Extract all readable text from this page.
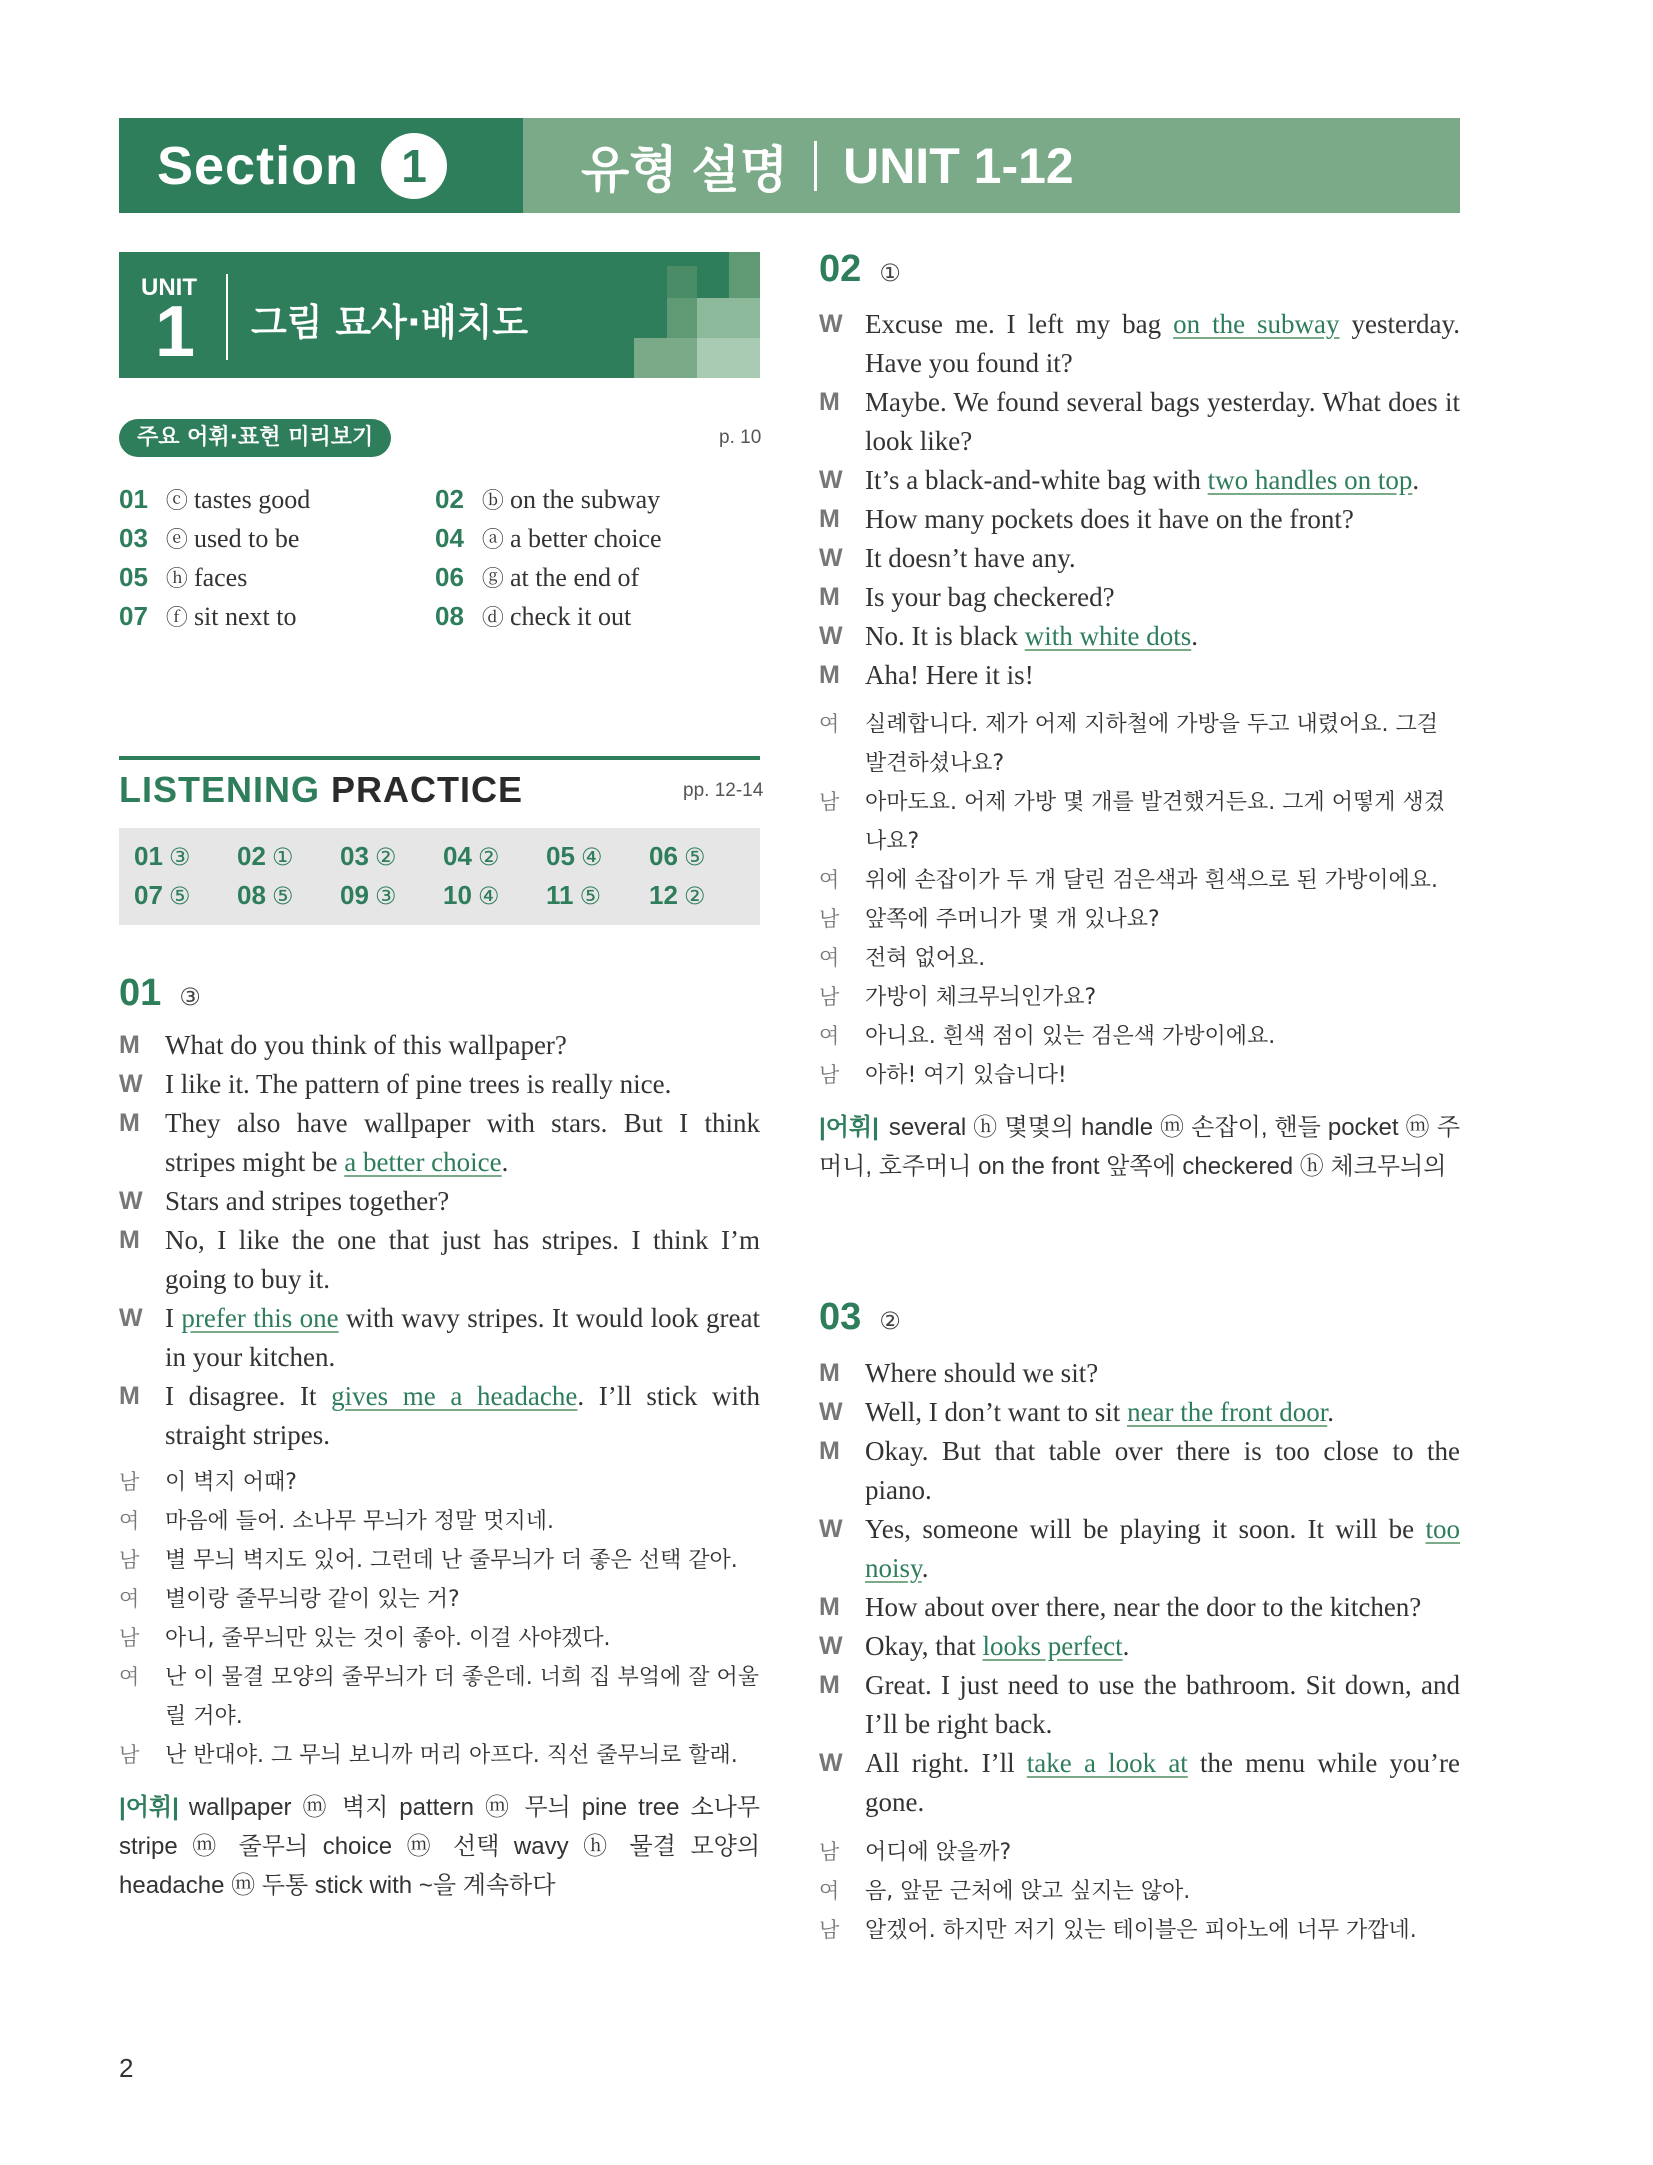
Section 1	유형 설명 UNIT 1-12
UNIT
1 그림 묘사·배치도
주요 어휘·표현 미리보기	p. 10
01 ⓒ tastes good	02 ⓑ on the subway
03 ⓔ used to be	04 ⓐ a better choice
05 ⓗ faces	06 ⓖ at the end of
07 ⓕ sit next to	08 ⓓ check it out
LISTENING PRACTICE	pp. 12-14
01 ③ 02 ① 03 ② 04 ② 05 ④ 06 ⑤
07 ⑤ 08 ⑤ 09 ③ 10 ④ 11 ⑤ 12 ②
01 ③
M What do you think of this wallpaper?
W I like it. The pattern of pine trees is really nice.
M They also have wallpaper with stars. But I think stripes might be a better choice.
W Stars and stripes together?
M No, I like the one that just has stripes. I think I’m going to buy it.
W I prefer this one with wavy stripes. It would look great in your kitchen.
M I disagree. It gives me a headache. I’ll stick with straight stripes.
남	이 벽지 어때?
여	마음에 들어. 소나무 무늬가 정말 멋지네.
남	별 무늬 벽지도 있어. 그런데 난 줄무늬가 더 좋은 선택 같아.
여	별이랑 줄무늬랑 같이 있는 거?
남	아니, 줄무늬만 있는 것이 좋아. 이걸 사야겠다.
여	난 이 물결 모양의 줄무늬가 더 좋은데. 너희 집 부엌에 잘 어울릴 거야.
남	난 반대야. 그 무늬 보니까 머리 아프다. 직선 줄무늬로 할래.
|어휘| wallpaper ⓜ 벽지 pattern ⓜ 무늬 pine tree 소나무 stripe ⓜ 줄무늬 choice ⓜ 선택 wavy ⓗ 물결 모양의 headache ⓜ 두통 stick with ~을 계속하다
02 ①
W Excuse me. I left my bag on the subway yesterday. Have you found it?
M Maybe. We found several bags yesterday. What does it look like?
W It’s a black-and-white bag with two handles on top.
M How many pockets does it have on the front?
W It doesn’t have any.
M Is your bag checkered?
W No. It is black with white dots.
M Aha! Here it is!
여	실례합니다. 제가 어제 지하철에 가방을 두고 내렸어요. 그걸 발견하셨나요?
남	아마도요. 어제 가방 몇 개를 발견했거든요. 그게 어떻게 생겼나요?
여	위에 손잡이가 두 개 달린 검은색과 흰색으로 된 가방이에요.
남	앞쪽에 주머니가 몇 개 있나요?
여	전혀 없어요.
남	가방이 체크무늬인가요?
여	아니요. 흰색 점이 있는 검은색 가방이에요.
남	아하! 여기 있습니다!
|어휘| several ⓗ 몇몇의 handle ⓜ 손잡이, 핸들 pocket ⓜ 주머니, 호주머니 on the front 앞쪽에 checkered ⓗ 체크무늬의
03 ②
M Where should we sit?
W Well, I don’t want to sit near the front door.
M Okay. But that table over there is too close to the piano.
W Yes, someone will be playing it soon. It will be too noisy.
M How about over there, near the door to the kitchen?
W Okay, that looks perfect.
M Great. I just need to use the bathroom. Sit down, and I’ll be right back.
W All right. I’ll take a look at the menu while you’re gone.
남	어디에 앉을까?
여	음, 앞문 근처에 앉고 싶지는 않아.
남	알겠어. 하지만 저기 있는 테이블은 피아노에 너무 가깝네.
2
